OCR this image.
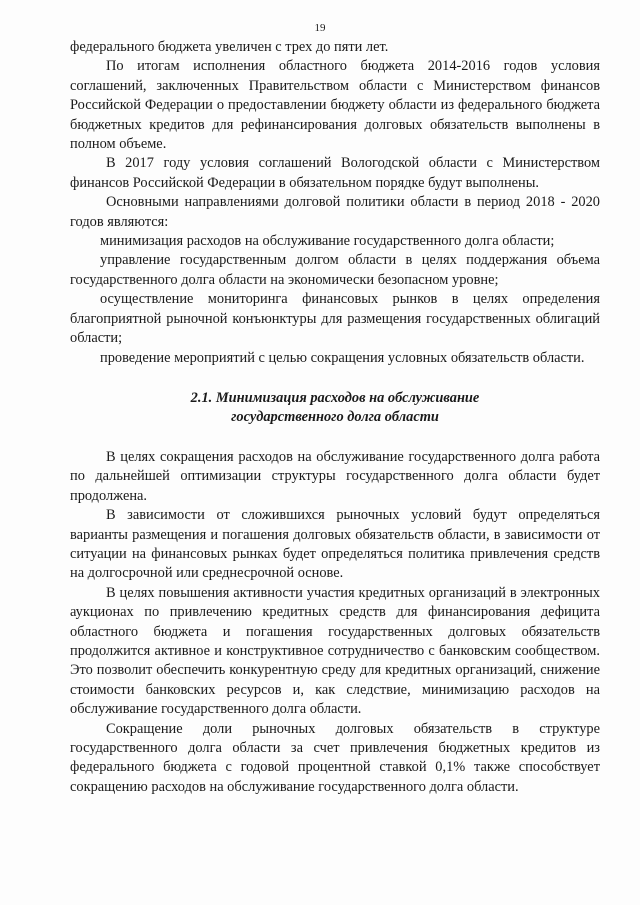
19

федерального бюджета увеличен с трех до пяти лет.

По итогам исполнения областного бюджета 2014-2016 годов условия соглашений, заключенных Правительством области с Министерством финансов Российской Федерации о предоставлении бюджету области из федерального бюджета бюджетных кредитов для рефинансирования долговых обязательств выполнены в полном объеме.

В 2017 году условия соглашений Вологодской области с Министерством финансов Российской Федерации в обязательном порядке будут выполнены.

Основными направлениями долговой политики области в период 2018 - 2020 годов являются:

минимизация расходов на обслуживание государственного долга области;

управление государственным долгом области в целях поддержания объема государственного долга области на экономически безопасном уровне;

осуществление мониторинга финансовых рынков в целях определения благоприятной рыночной конъюнктуры для размещения государственных облигаций области;

проведение мероприятий с целью сокращения условных обязательств области.

2.1. Минимизация расходов на обслуживание
государственного долга области

В целях сокращения расходов на обслуживание государственного долга работа по дальнейшей оптимизации структуры государственного долга области будет продолжена.

В зависимости от сложившихся рыночных условий будут определяться варианты размещения и погашения долговых обязательств области, в зависимости от ситуации на финансовых рынках будет определяться политика привлечения средств на долгосрочной или среднесрочной основе.

В целях повышения активности участия кредитных организаций в электронных аукционах по привлечению кредитных средств для финансирования дефицита областного бюджета и погашения государственных долговых обязательств продолжится активное и конструктивное сотрудничество с банковским сообществом. Это позволит обеспечить конкурентную среду для кредитных организаций, снижение стоимости банковских ресурсов и, как следствие, минимизацию расходов на обслуживание государственного долга области.

Сокращение доли рыночных долговых обязательств в структуре государственного долга области за счет привлечения бюджетных кредитов из федерального бюджета с годовой процентной ставкой 0,1% также способствует сокращению расходов на обслуживание государственного долга области.
